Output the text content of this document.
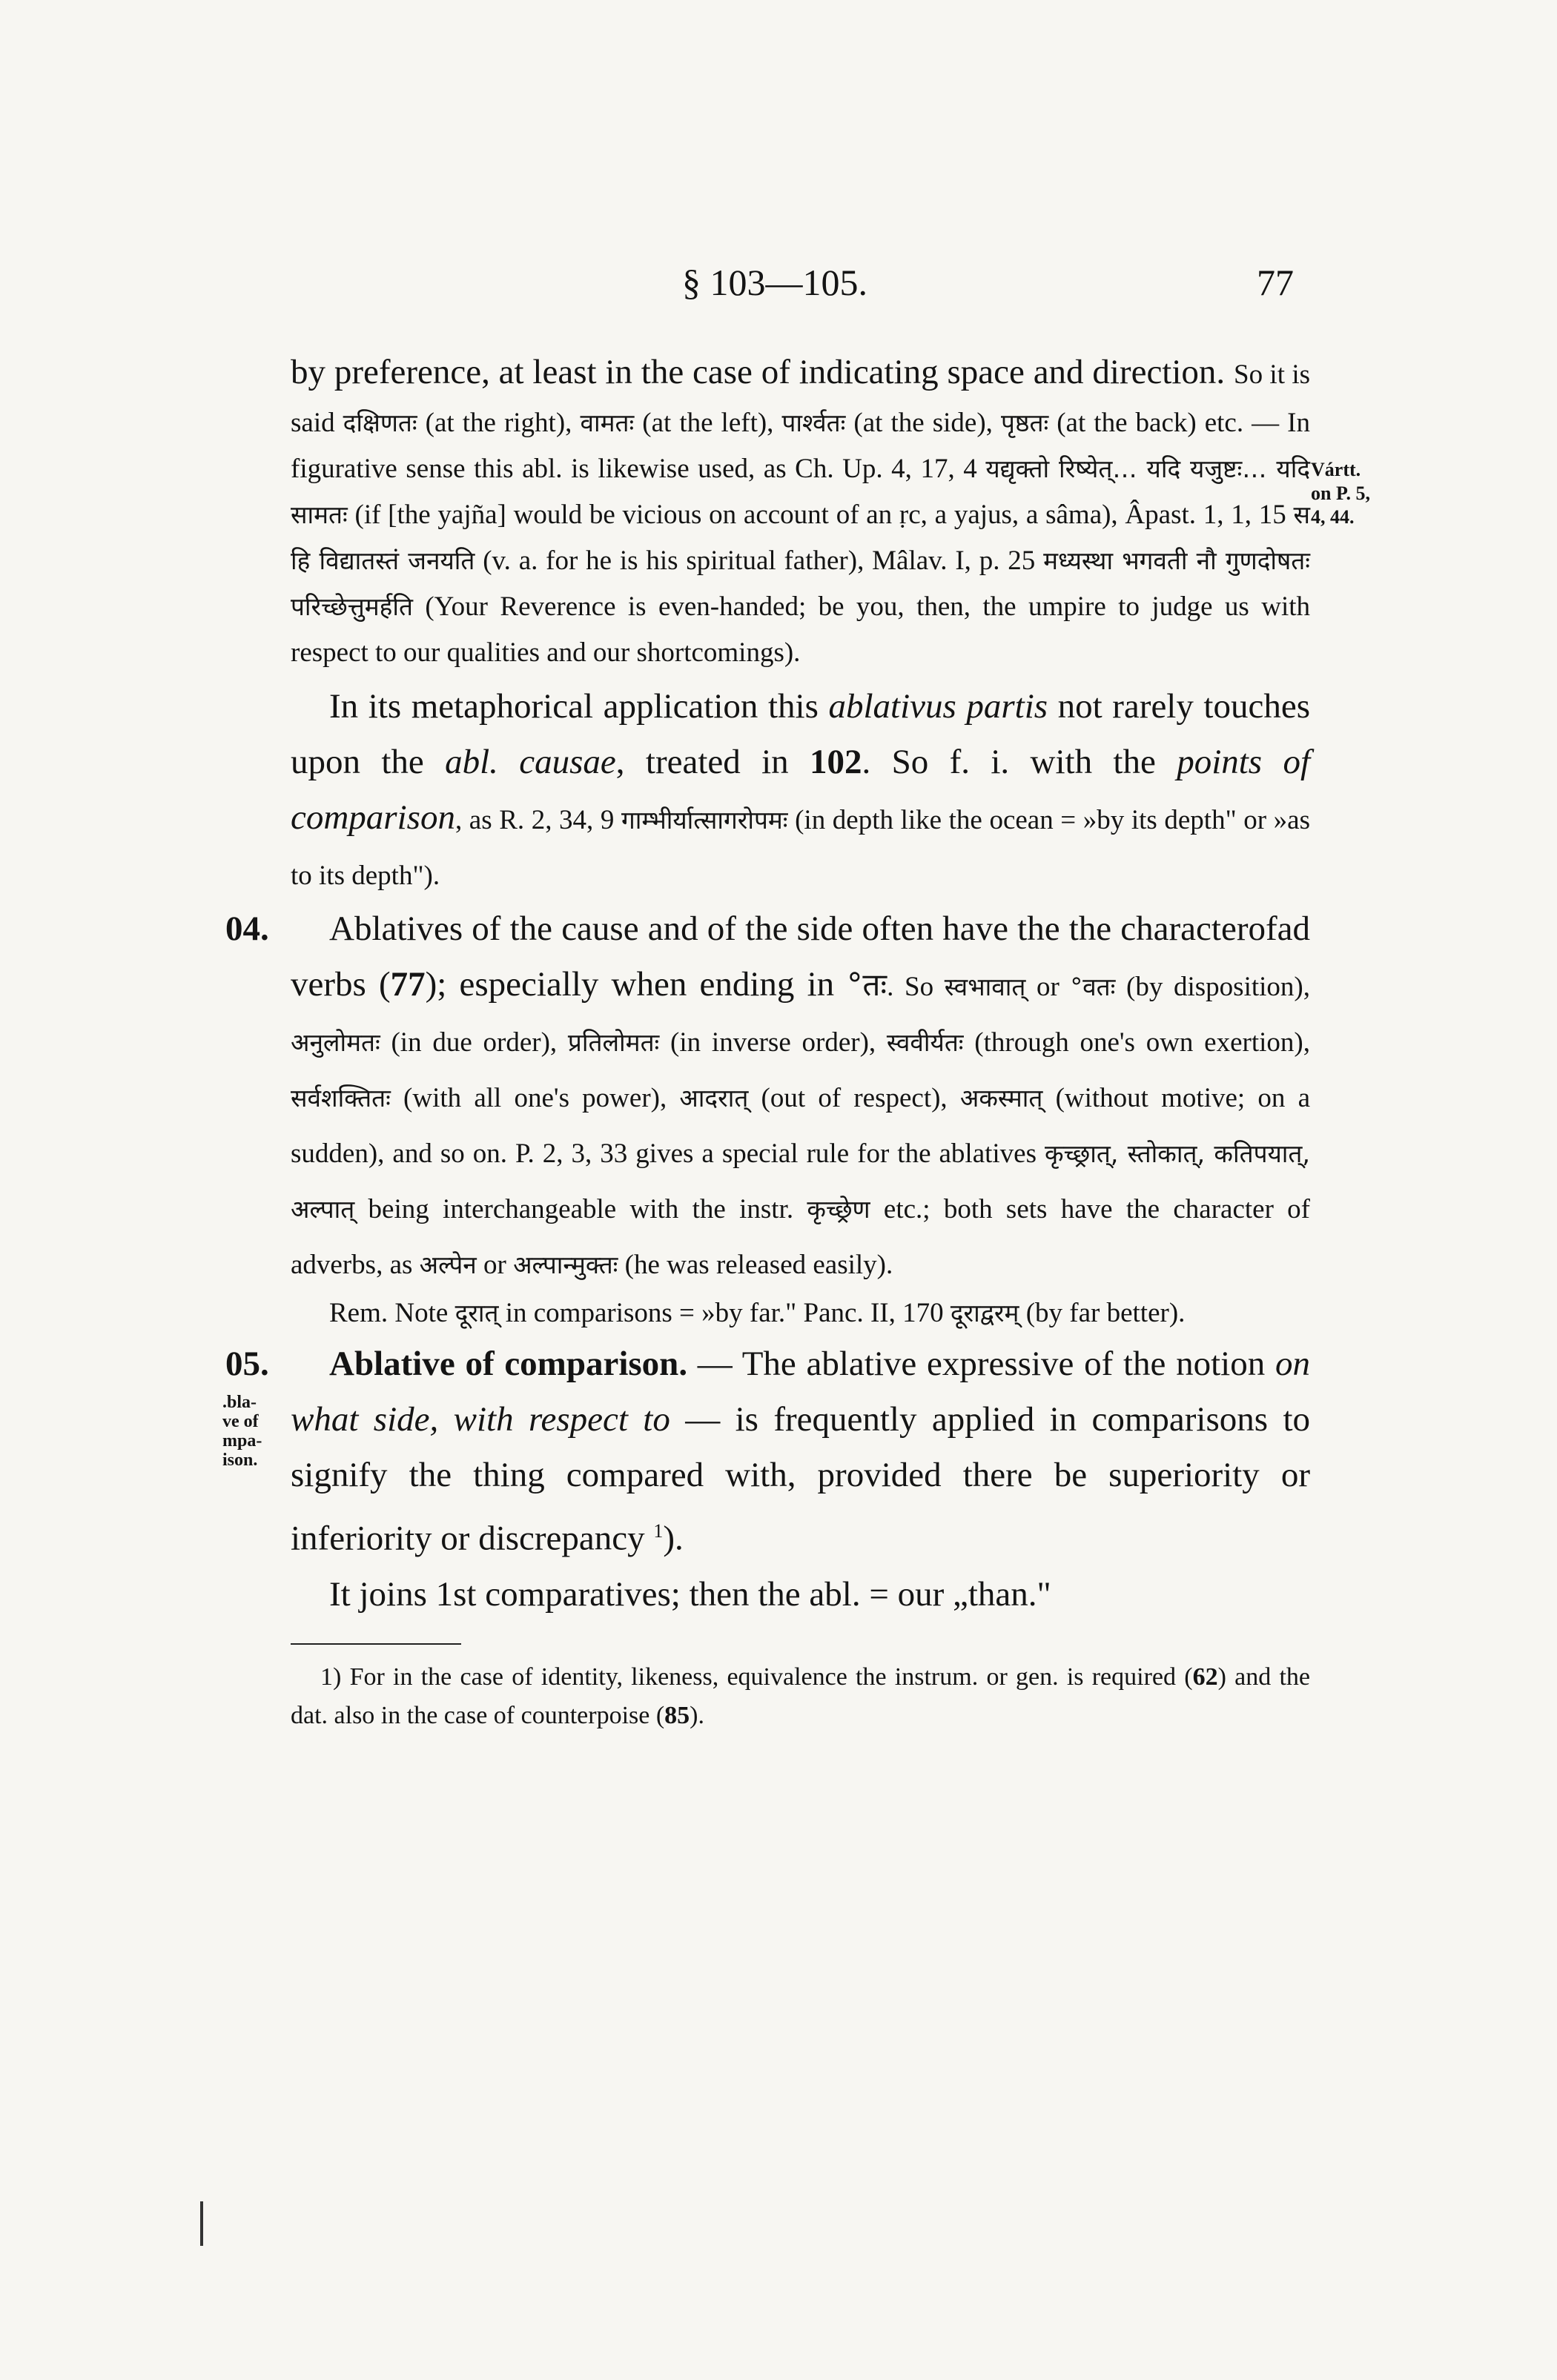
§ 103—105.	77
Vártt.
on P. 5,
4, 44.

by preference, at least in the case of indicating space and direction. So it is said दक्षिणतः (at the right), वामतः (at the left), पार्श्वतः (at the side), पृष्ठतः (at the back) etc. — In figurative sense this abl. is likewise used, as Ch. Up. 4, 17, 4 यद्यृक्तो रिष्येत्… यदि यजुष्टः… यदि सामतः (if [the yajña] would be vicious on account of an ṛc, a yajus, a sâma), Âpast. 1, 1, 15 स हि विद्यातस्तं जनयति (v. a. for he is his spiritual father), Mâlav. I, p. 25 मध्यस्था भगवती नौ गुणदोषतः परिच्छेत्तुमर्हति (Your Reverence is even-handed; be you, then, the umpire to judge us with respect to our qualities and our shortcomings).

In its metaphorical application this ablativus partis not rarely touches upon the abl. causae, treated in 102. So f. i. with the points of comparison, as R. 2, 34, 9 गाम्भीर्यात्सागरोपमः (in depth like the ocean = »by its depth" or »as to its depth").

04.	Ablatives of the cause and of the side often have the the characterofad verbs (77); especially when ending in °तः. So स्वभावात् or °वतः (by disposition), अनुलोमतः (in due order), प्रतिलोमतः (in inverse order), स्ववीर्यतः (through one's own exertion), सर्वशक्तितः (with all one's power), आदरात् (out of respect), अकस्मात् (without motive; on a sudden), and so on. P. 2, 3, 33 gives a special rule for the ablatives कृच्छ्रात्, स्तोकात्, कतिपयात्, अल्पात् being interchangeable with the instr. कृच्छ्रेण etc.; both sets have the character of adverbs, as अल्पेन or अल्पान्मुक्तः (he was released easily).

Rem. Note दूरात् in comparisons = »by far." Panc. II, 170 दूराद्वरम् (by far better).

05.
.bla-
ve of
mpa-
ison.

Ablative of comparison. — The ablative expressive of the notion on what side, with respect to — is frequently applied in comparisons to signify the thing compared with, provided there be superiority or inferiority or discrepancy $^1$).

It joins 1st comparatives; then the abl. = our „than."

1) For in the case of identity, likeness, equivalence the instrum. or gen. is required (62) and the dat. also in the case of counterpoise (85).
